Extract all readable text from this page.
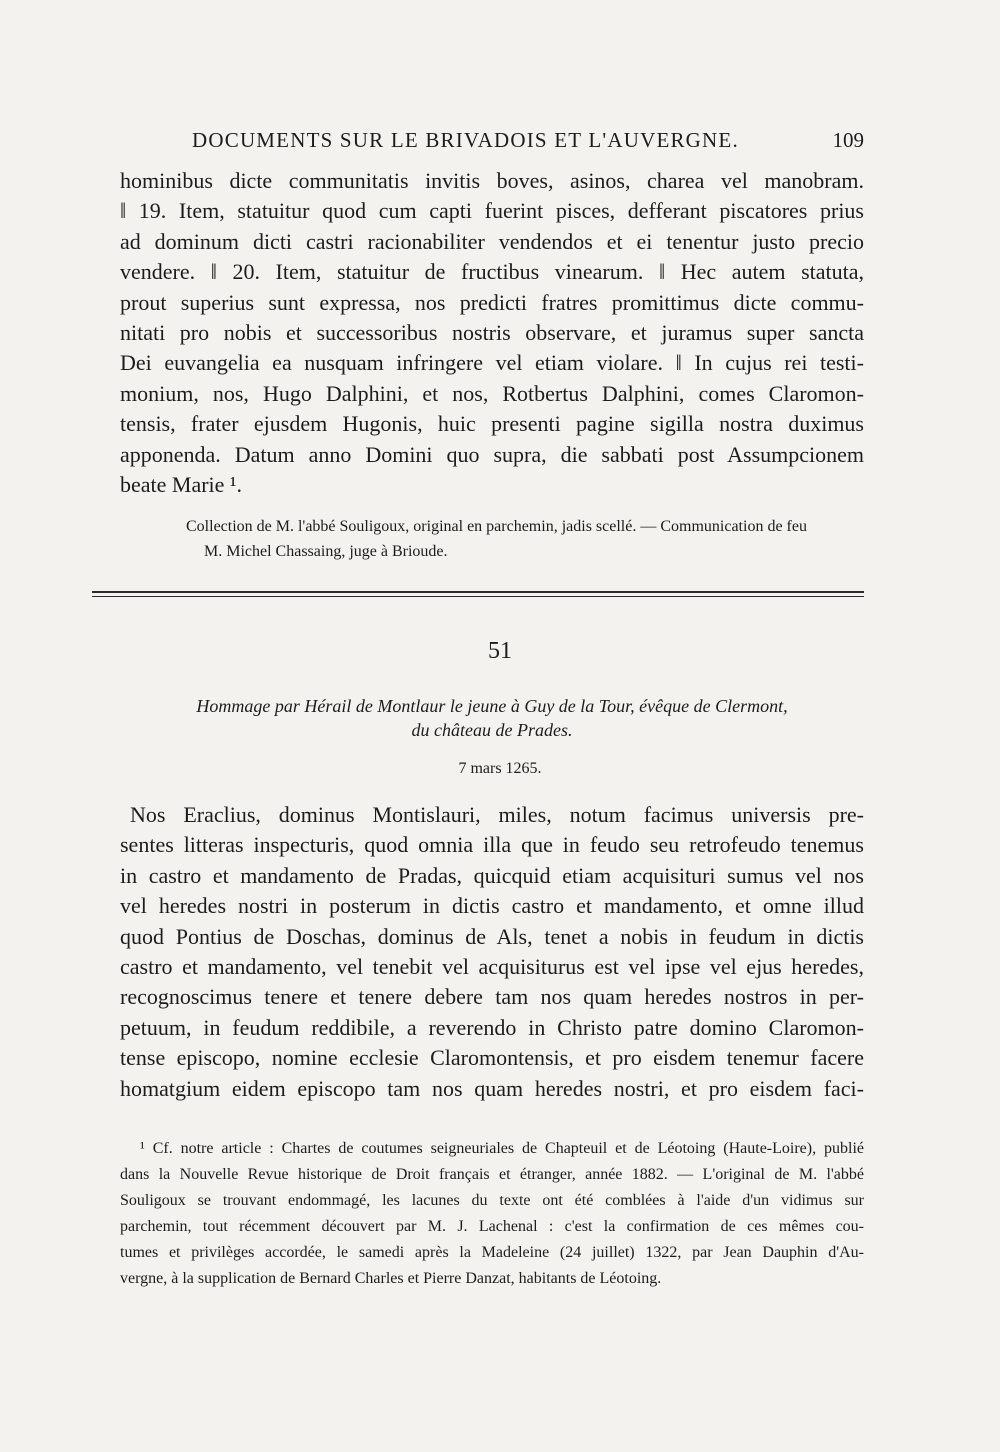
DOCUMENTS SUR LE BRIVADOIS ET L'AUVERGNE.	109
hominibus dicte communitatis invitis boves, asinos, charea vel manobram.
‖ 19. Item, statuitur quod cum capti fuerint pisces, defferant piscatores prius
ad dominum dicti castri racionabiliter vendendos et ei tenentur justo precio
vendere. ‖ 20. Item, statuitur de fructibus vinearum. ‖ Hec autem statuta,
prout superius sunt expressa, nos predicti fratres promittimus dicte commu-
nitati pro nobis et successoribus nostris observare, et juramus super sancta
Dei euvangelia ea nusquam infringere vel etiam violare. ‖ In cujus rei testi-
monium, nos, Hugo Dalphini, et nos, Rotbertus Dalphini, comes Claromon-
tensis, frater ejusdem Hugonis, huic presenti pagine sigilla nostra duximus
apponenda. Datum anno Domini quo supra, die sabbati post Assumpcionem
beate Marie ¹.
Collection de M. l'abbé Souligoux, original en parchemin, jadis scellé. — Communication de feu
M. Michel Chassaing, juge à Brioude.
51
Hommage par Hérail de Montlaur le jeune à Guy de la Tour, évêque de Clermont,
du château de Prades.
7 mars 1265.
Nos Eraclius, dominus Montislauri, miles, notum facimus universis pre-
sentes litteras inspecturis, quod omnia illa que in feudo seu retrofeudo tenemus
in castro et mandamento de Pradas, quicquid etiam acquisituri sumus vel nos
vel heredes nostri in posterum in dictis castro et mandamento, et omne illud
quod Pontius de Doschas, dominus de Als, tenet a nobis in feudum in dictis
castro et mandamento, vel tenebit vel acquisiturus est vel ipse vel ejus heredes,
recognoscimus tenere et tenere debere tam nos quam heredes nostros in per-
petuum, in feudum reddibile, a reverendo in Christo patre domino Claromon-
tense episcopo, nomine ecclesie Claromontensis, et pro eisdem tenemur facere
homatgium eidem episcopo tam nos quam heredes nostri, et pro eisdem faci-
¹ Cf. notre article : Chartes de coutumes seigneuriales de Chapteuil et de Léotoing (Haute-Loire), publié
dans la Nouvelle Revue historique de Droit français et étranger, année 1882. — L'original de M. l'abbé
Souligoux se trouvant endommagé, les lacunes du texte ont été comblées à l'aide d'un vidimus sur
parchemin, tout récemment découvert par M. J. Lachenal : c'est la confirmation de ces mêmes cou-
tumes et privilèges accordée, le samedi après la Madeleine (24 juillet) 1322, par Jean Dauphin d'Au-
vergne, à la supplication de Bernard Charles et Pierre Danzat, habitants de Léotoing.
